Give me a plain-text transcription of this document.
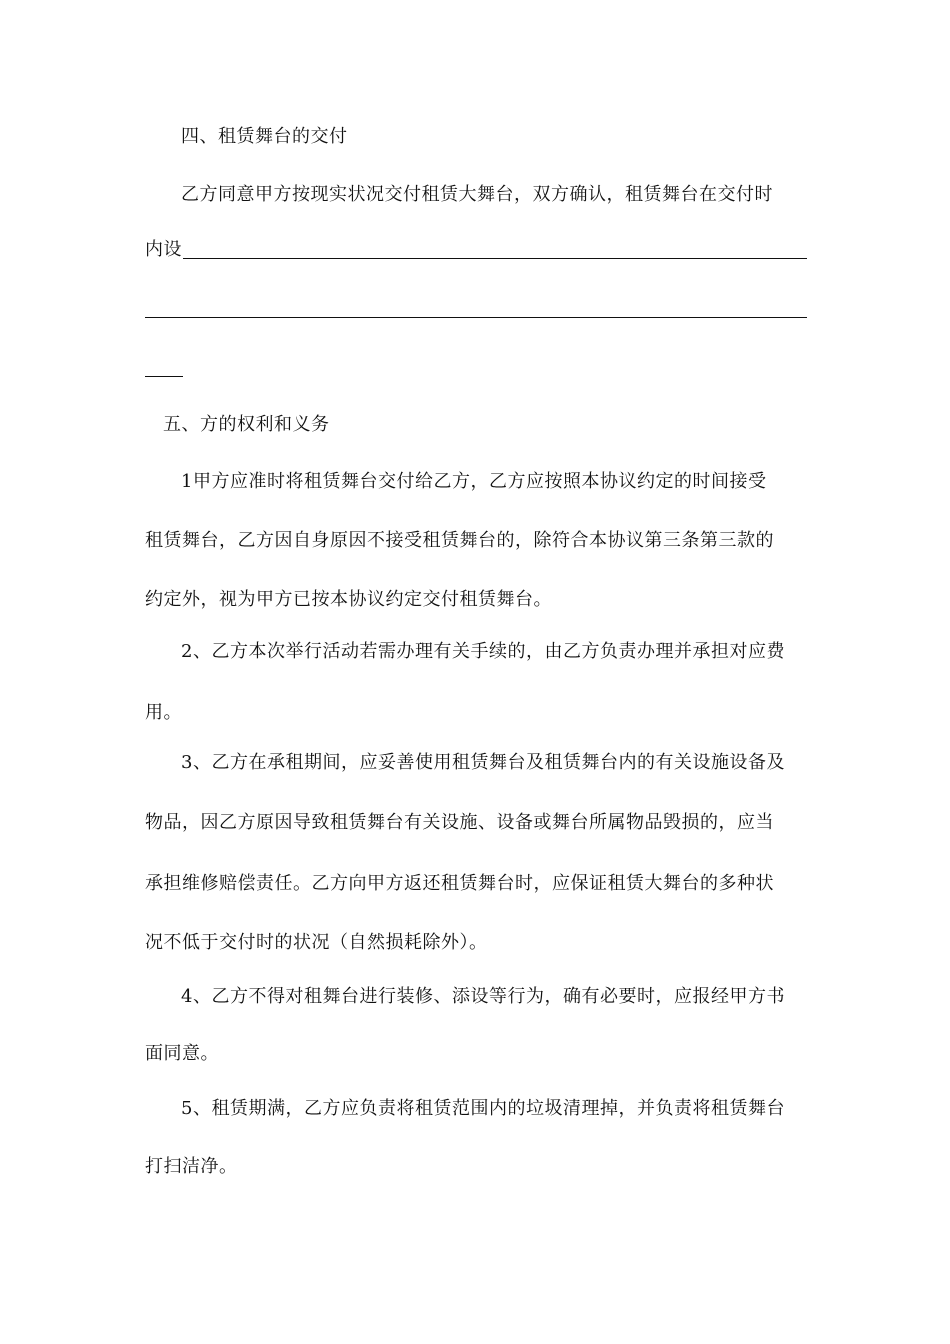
四、租赁舞台的交付
乙方同意甲方按现实状况交付租赁大舞台，双方确认，租赁舞台在交付时
内设
五、方的权利和义务
1甲方应准时将租赁舞台交付给乙方，乙方应按照本协议约定的时间接受
租赁舞台，乙方因自身原因不接受租赁舞台的，除符合本协议第三条第三款的
约定外，视为甲方已按本协议约定交付租赁舞台。
2、乙方本次举行活动若需办理有关手续的，由乙方负责办理并承担对应费
用。
3、乙方在承租期间，应妥善使用租赁舞台及租赁舞台内的有关设施设备及
物品，因乙方原因导致租赁舞台有关设施、设备或舞台所属物品毁损的，应当
承担维修赔偿责任。乙方向甲方返还租赁舞台时，应保证租赁大舞台的多种状
况不低于交付时的状况（自然损耗除外）。
4、乙方不得对租舞台进行装修、添设等行为，确有必要时，应报经甲方书
面同意。
5、租赁期满，乙方应负责将租赁范围内的垃圾清理掉，并负责将租赁舞台
打扫洁净。
